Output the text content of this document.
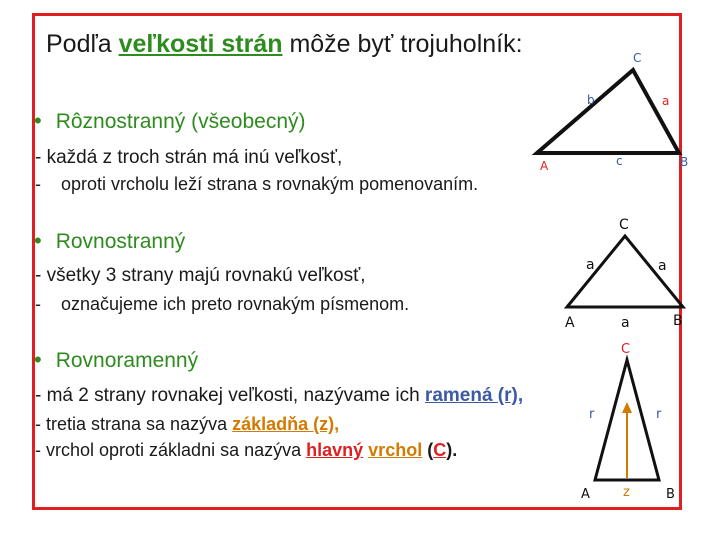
Podľa veľkosti strán môže byť trojuholník:
• Rôznostranný (všeobecný)
- každá z troch strán má inú veľkosť,
- oproti vrcholu leží strana s rovnakým pomenovaním.
• Rovnostranný
- všetky 3 strany majú rovnakú veľkosť,
- označujeme ich preto rovnakým písmenom.
• Rovnoramenný
- má 2 strany rovnakej veľkosti, nazývame ich ramená (r),
- tretia strana sa nazýva základňa (z),
- vrchol oproti základni sa nazýva hlavný vrchol (C).
C
b	a
A	c	B
C
a	a
A	a	B
C
r	r
A	z	B
